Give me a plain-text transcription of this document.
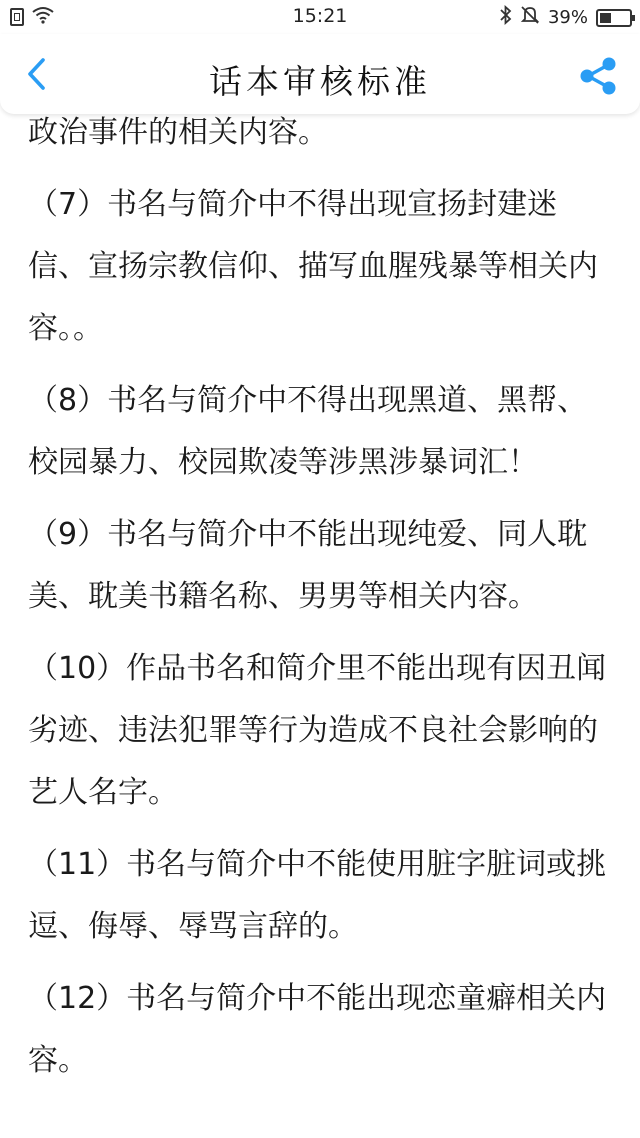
15:21	39%
话本审核标准

政治事件的相关内容。

（7）书名与简介中不得出现宣扬封建迷信、宣扬宗教信仰、描写血腥残暴等相关内容。。

（8）书名与简介中不得出现黑道、黑帮、校园暴力、校园欺凌等涉黑涉暴词汇！

（9）书名与简介中不能出现纯爱、同人耽美、耽美书籍名称、男男等相关内容。

（10）作品书名和简介里不能出现有因丑闻劣迹、违法犯罪等行为造成不良社会影响的艺人名字。

（11）书名与简介中不能使用脏字脏词或挑逗、侮辱、辱骂言辞的。

（12）书名与简介中不能出现恋童癖相关内容。
